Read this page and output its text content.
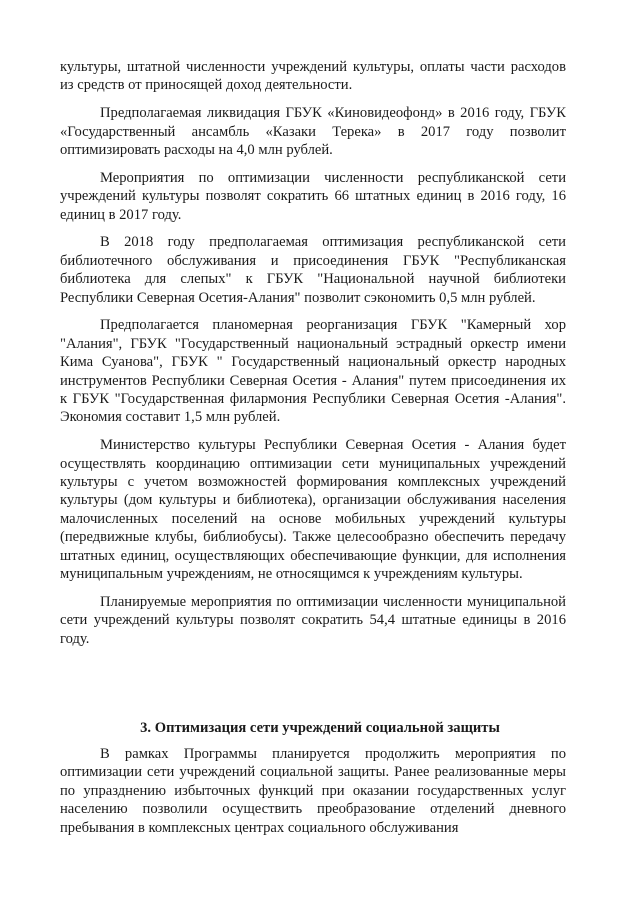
культуры, штатной численности учреждений культуры, оплаты части расходов из средств от приносящей доход деятельности.

Предполагаемая ликвидация ГБУК «Киновидеофонд» в 2016 году, ГБУК «Государственный ансамбль «Казаки Терека» в 2017 году позволит оптимизировать расходы на 4,0 млн рублей.

Мероприятия по оптимизации численности республиканской сети учреждений культуры позволят сократить 66 штатных единиц в 2016 году, 16 единиц в 2017 году.

В 2018 году предполагаемая оптимизация республиканской сети библиотечного обслуживания и присоединения ГБУК "Республиканская библиотека для слепых" к ГБУК "Национальной научной библиотеки Республики Северная Осетия-Алания" позволит сэкономить 0,5 млн рублей.

Предполагается планомерная реорганизация ГБУК "Камерный хор "Алания", ГБУК "Государственный национальный эстрадный оркестр имени Кима Суанова", ГБУК " Государственный национальный оркестр народных инструментов Республики Северная Осетия - Алания" путем присоединения их к ГБУК "Государственная филармония Республики Северная Осетия -Алания". Экономия составит 1,5 млн рублей.

Министерство культуры Республики Северная Осетия - Алания будет осуществлять координацию оптимизации сети муниципальных учреждений культуры с учетом возможностей формирования комплексных учреждений культуры (дом культуры и библиотека), организации обслуживания населения малочисленных поселений на основе мобильных учреждений культуры (передвижные клубы, библиобусы). Также целесообразно обеспечить передачу штатных единиц, осуществляющих обеспечивающие функции, для исполнения муниципальным учреждениям, не относящимся к учреждениям культуры.

Планируемые мероприятия по оптимизации численности муниципальной сети учреждений культуры позволят сократить 54,4 штатные единицы в 2016 году.

3. Оптимизация сети учреждений социальной защиты

В рамках Программы планируется продолжить мероприятия по оптимизации сети учреждений социальной защиты. Ранее реализованные меры по упразднению избыточных функций при оказании государственных услуг населению позволили осуществить преобразование отделений дневного пребывания в комплексных центрах социального обслуживания
